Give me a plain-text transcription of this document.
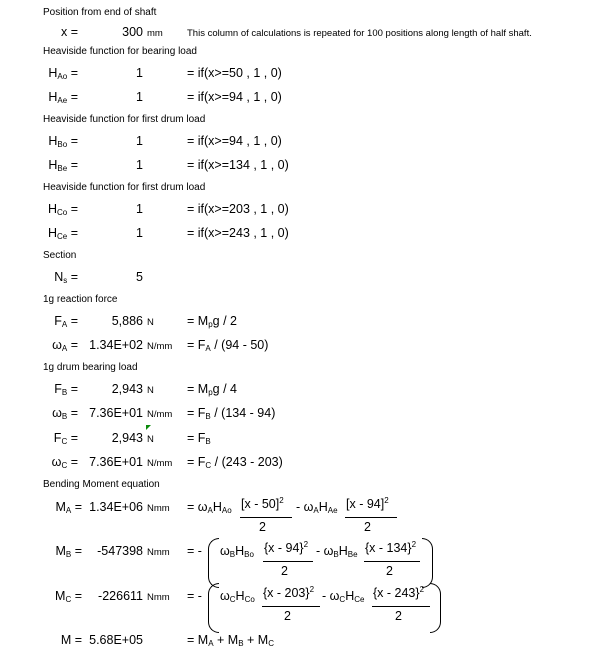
Position from end of shaft
x =	300 mm	This column of calculations is repeated for 100 positions along length of half shaft.
Heaviside function for bearing load
$H_{Ao}$ =	1	= if(x>=50 , 1 , 0)
$H_{Ae}$ =	1	= if(x>=94 , 1 , 0)
Heaviside function for first drum load
$H_{Bo}$ =	1	= if(x>=94 , 1 , 0)
$H_{Be}$ =	1	= if(x>=134 , 1 , 0)
Heaviside function for first drum load
$H_{Co}$ =	1	= if(x>=203 , 1 , 0)
$H_{Ce}$ =	1	= if(x>=243 , 1 , 0)
Section
$N_s$ =	5
1g reaction force
$F_A$ =	5,886 N	= $M_pg / 2$
$\omega_A = 1.34E+02$ $N/mm = F_A / (94 - 50)$
1g drum bearing load
$F_B$ =	2,943 N	= $M_pg / 4$
$\omega_B = 7.36E+01$ $N/mm = F_B / (134 - 94)$
$F_C$ =	2,943 N	= $F_B$
$\omega_C = 7.36E+01$ $N/mm = F_C / (243 - 203)$
Bending Moment equation
$M_A = 1.34E+06$ Nmm = $\omega_AH_{Ao}$ [x - 50]$^2$
2
- $\omega_AH_{Ae}$ [x - 94]$^2$
2
$M_B$ =	-547398 Nmm = - $\omega_BH_{Bo}$ {x - 94}$^2$
2
- $\omega_BH_{Be}$ {x - 134}$^2$
2
$M_C$ =	-226611 Nmm = - $\omega_CH_{Co}$ {x - 203}$^2$
2
- $\omega_CH_{Ce}$ {x - 243}$^2$
2
M = 5.68E+05	= $M_A + M_B + M_C$
